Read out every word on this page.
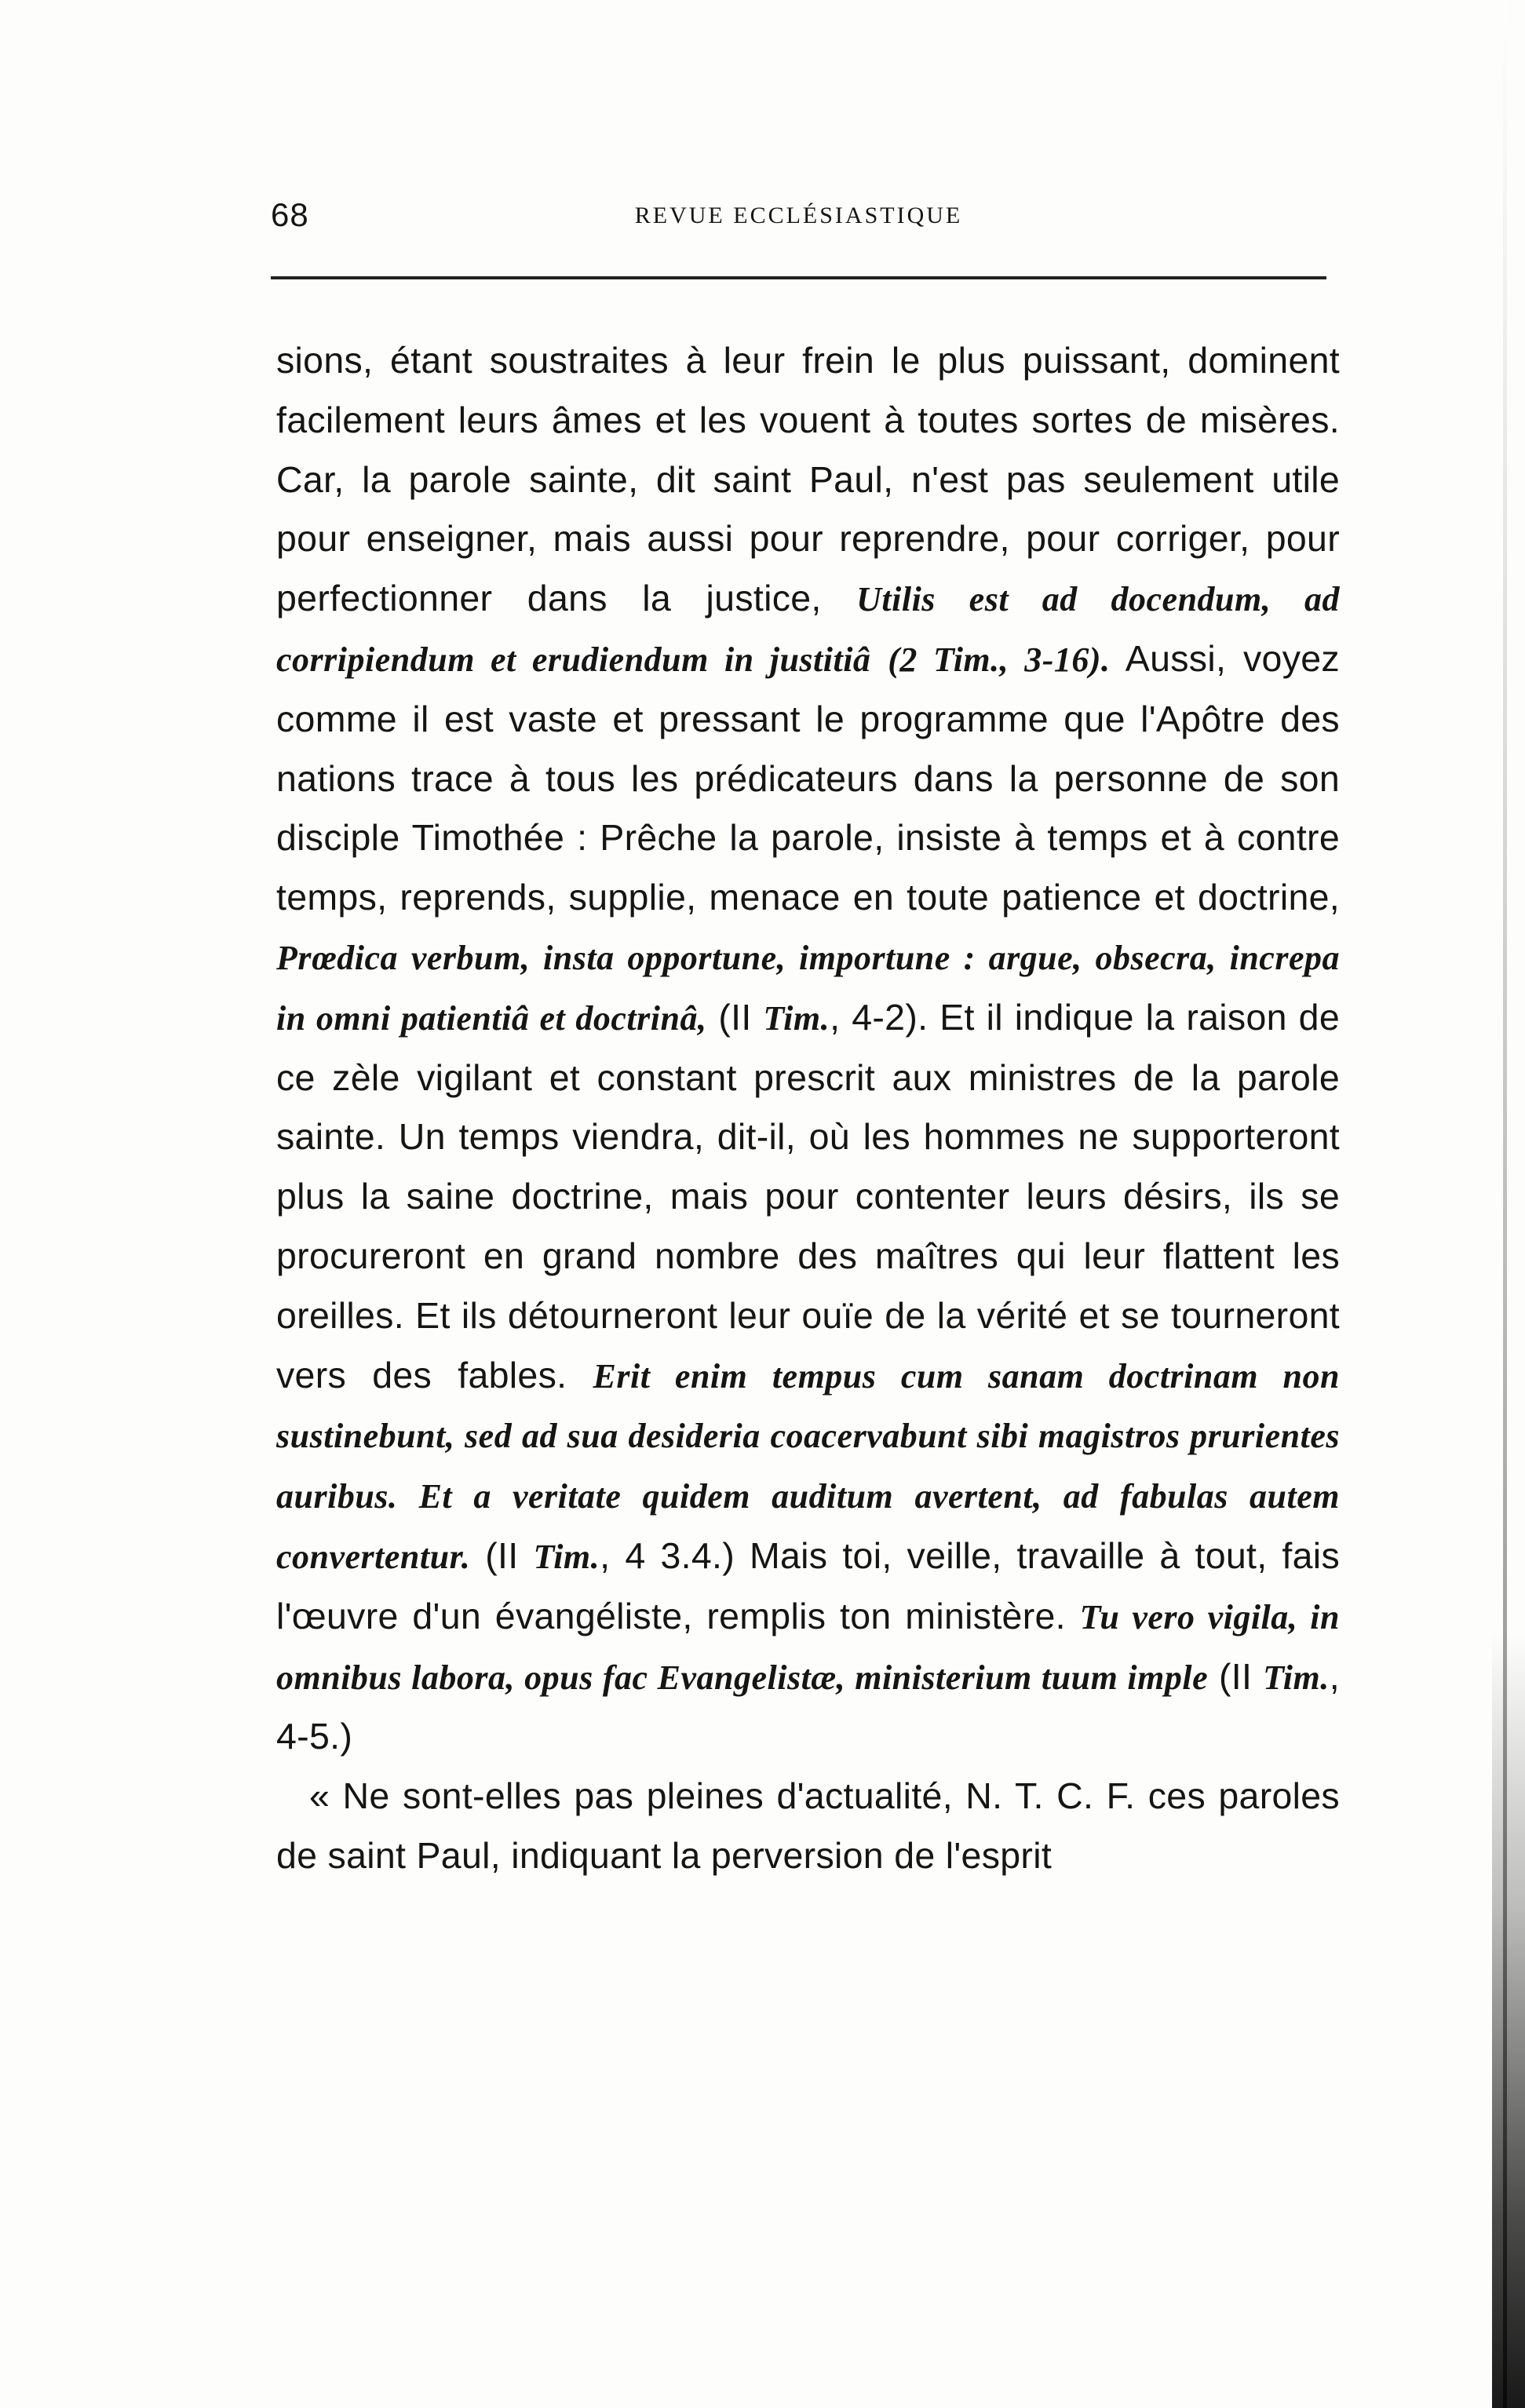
68	REVUE ECCLÉSIASTIQUE

sions, étant soustraites à leur frein le plus puissant, dominent facilement leurs âmes et les vouent à toutes sortes de misères. Car, la parole sainte, dit saint Paul, n'est pas seulement utile pour enseigner, mais aussi pour reprendre, pour corriger, pour perfectionner dans la justice, Utilis est ad docendum, ad corripiendum et erudiendum in justitiâ (2 Tim., 3-16). Aussi, voyez comme il est vaste et pressant le programme que l'Apôtre des nations trace à tous les prédicateurs dans la personne de son disciple Timothée : Prêche la parole, insiste à temps et à contre temps, reprends, supplie, menace en toute patience et doctrine, Prœdica verbum, insta opportune, importune : argue, obsecra, increpa in omni patientiâ et doctrinâ, (II Tim., 4-2). Et il indique la raison de ce zèle vigilant et constant prescrit aux ministres de la parole sainte. Un temps viendra, dit-il, où les hommes ne supporteront plus la saine doctrine, mais pour contenter leurs désirs, ils se procureront en grand nombre des maîtres qui leur flattent les oreilles. Et ils détourneront leur ouïe de la vérité et se tourneront vers des fables. Erit enim tempus cum sanam doctrinam non sustinebunt, sed ad sua desideria coacervabunt sibi magistros prurientes auribus. Et a veritate quidem auditum avertent, ad fabulas autem convertentur. (II Tim., 4 3.4.) Mais toi, veille, travaille à tout, fais l'œuvre d'un évangéliste, remplis ton ministère. Tu vero vigila, in omnibus labora, opus fac Evangelistæ, ministerium tuum imple (II Tim., 4-5.)

« Ne sont-elles pas pleines d'actualité, N. T. C. F. ces paroles de saint Paul, indiquant la perversion de l'esprit
